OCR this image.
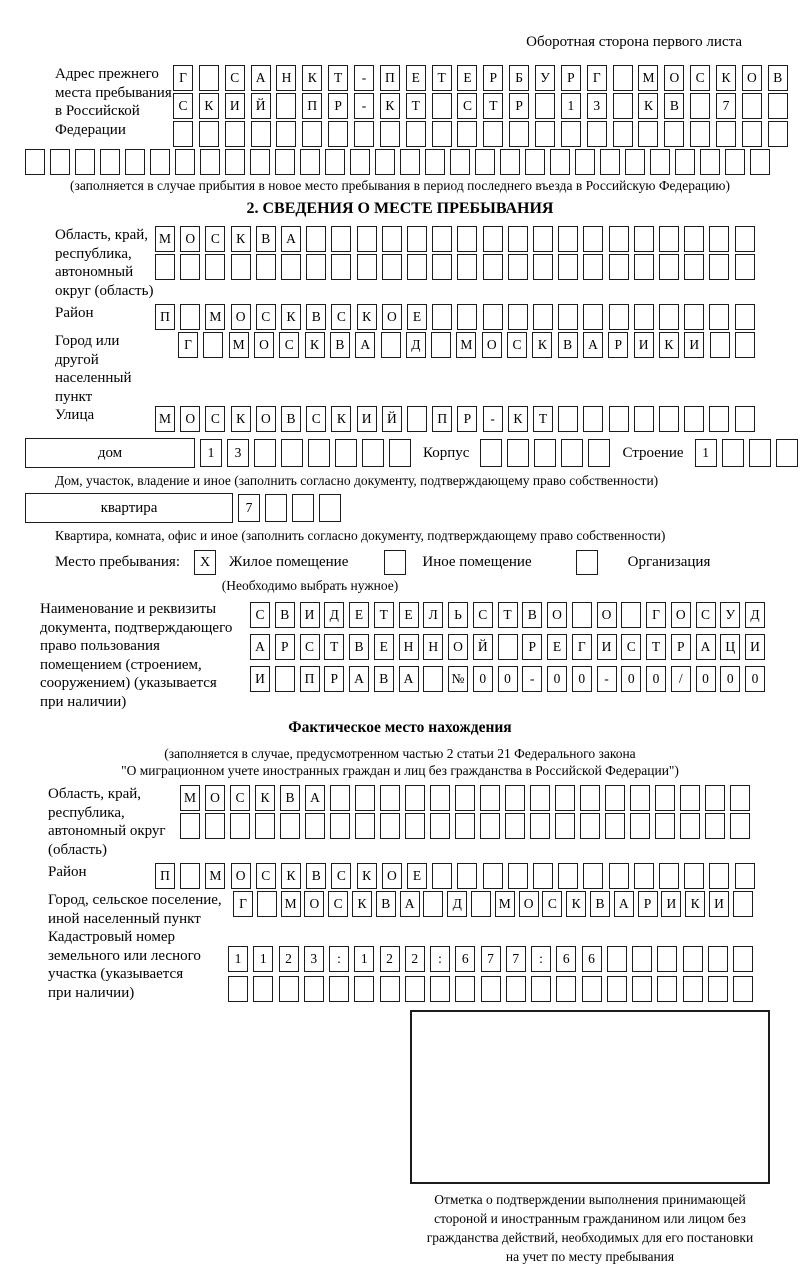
Оборотная сторона первого листа
Адрес прежнего
места пребывания
в Российской
Федерации
Г	С	А	Н	К	Т	-	П	Е	Т	Е	Р	Б	У	Р	Г	М	О	С	К	О	В
С	К	И	Й	П	Р	-	К	Т	С	Т	Р	1	3	К	В	7
(заполняется в случае прибытия в новое место пребывания в период последнего въезда в Российскую Федерацию)
2. СВЕДЕНИЯ О МЕСТЕ ПРЕБЫВАНИЯ
Область, край,
республика,
автономный
округ (область)
М	О	С	К	В	А
Район	П	М	О	С	К	В	С	К	О	Е
Город или другой
населенный пункт
Г	М	О	С	К	В	А	Д	М	О	С	К	В	А	Р	И	К	И
Улица	М	О	С	К	О	В	С	К	И	Й	П	Р	-	К	Т
дом	1	3	Корпус	Строение	1
Дом, участок, владение и иное (заполнить согласно документу, подтверждающему право собственности)
квартира	7
Квартира, комната, офис и иное (заполнить согласно документу, подтверждающему право собственности)
Место пребывания:	X	Жилое помещение	Иное помещение	Организация
(Необходимо выбрать нужное)
Наименование и реквизиты
документа, подтверждающего
право пользования
помещением (строением,
сооружением) (указывается
при наличии)
С	В	И	Д	Е	Т	Е	Л	Ь	С	Т	В	О	О	Г	О	С	У	Д
А	Р	С	Т	В	Е	Н	Н	О	Й	Р	Е	Г	И	С	Т	Р	А	Ц	И
И	П	Р	А	В	А	№	0	0	-	0	0	-	0	0	/	0	0	0
Фактическое место нахождения
(заполняется в случае, предусмотренном частью 2 статьи 21 Федерального закона
"О миграционном учете иностранных граждан и лиц без гражданства в Российской Федерации")
Область, край,
республика,
автономный округ
(область)
М	О	С	К	В	А
Район	П	М	О	С	К	В	С	К	О	Е
Город, сельское поселение,
иной населенный пункт
Г	М О	С	К	В	А	Д	М О	С	К	В	А	Р	И	К	И
Кадастровый номер
земельного или лесного
участка (указывается
при наличии)
1	1	2	3	:	1	2	2	:	6	7	7	:	6	6
Отметка о подтверждении выполнения принимающей
стороной и иностранным гражданином или лицом без
гражданства действий, необходимых для его постановки
на учет по месту пребывания
